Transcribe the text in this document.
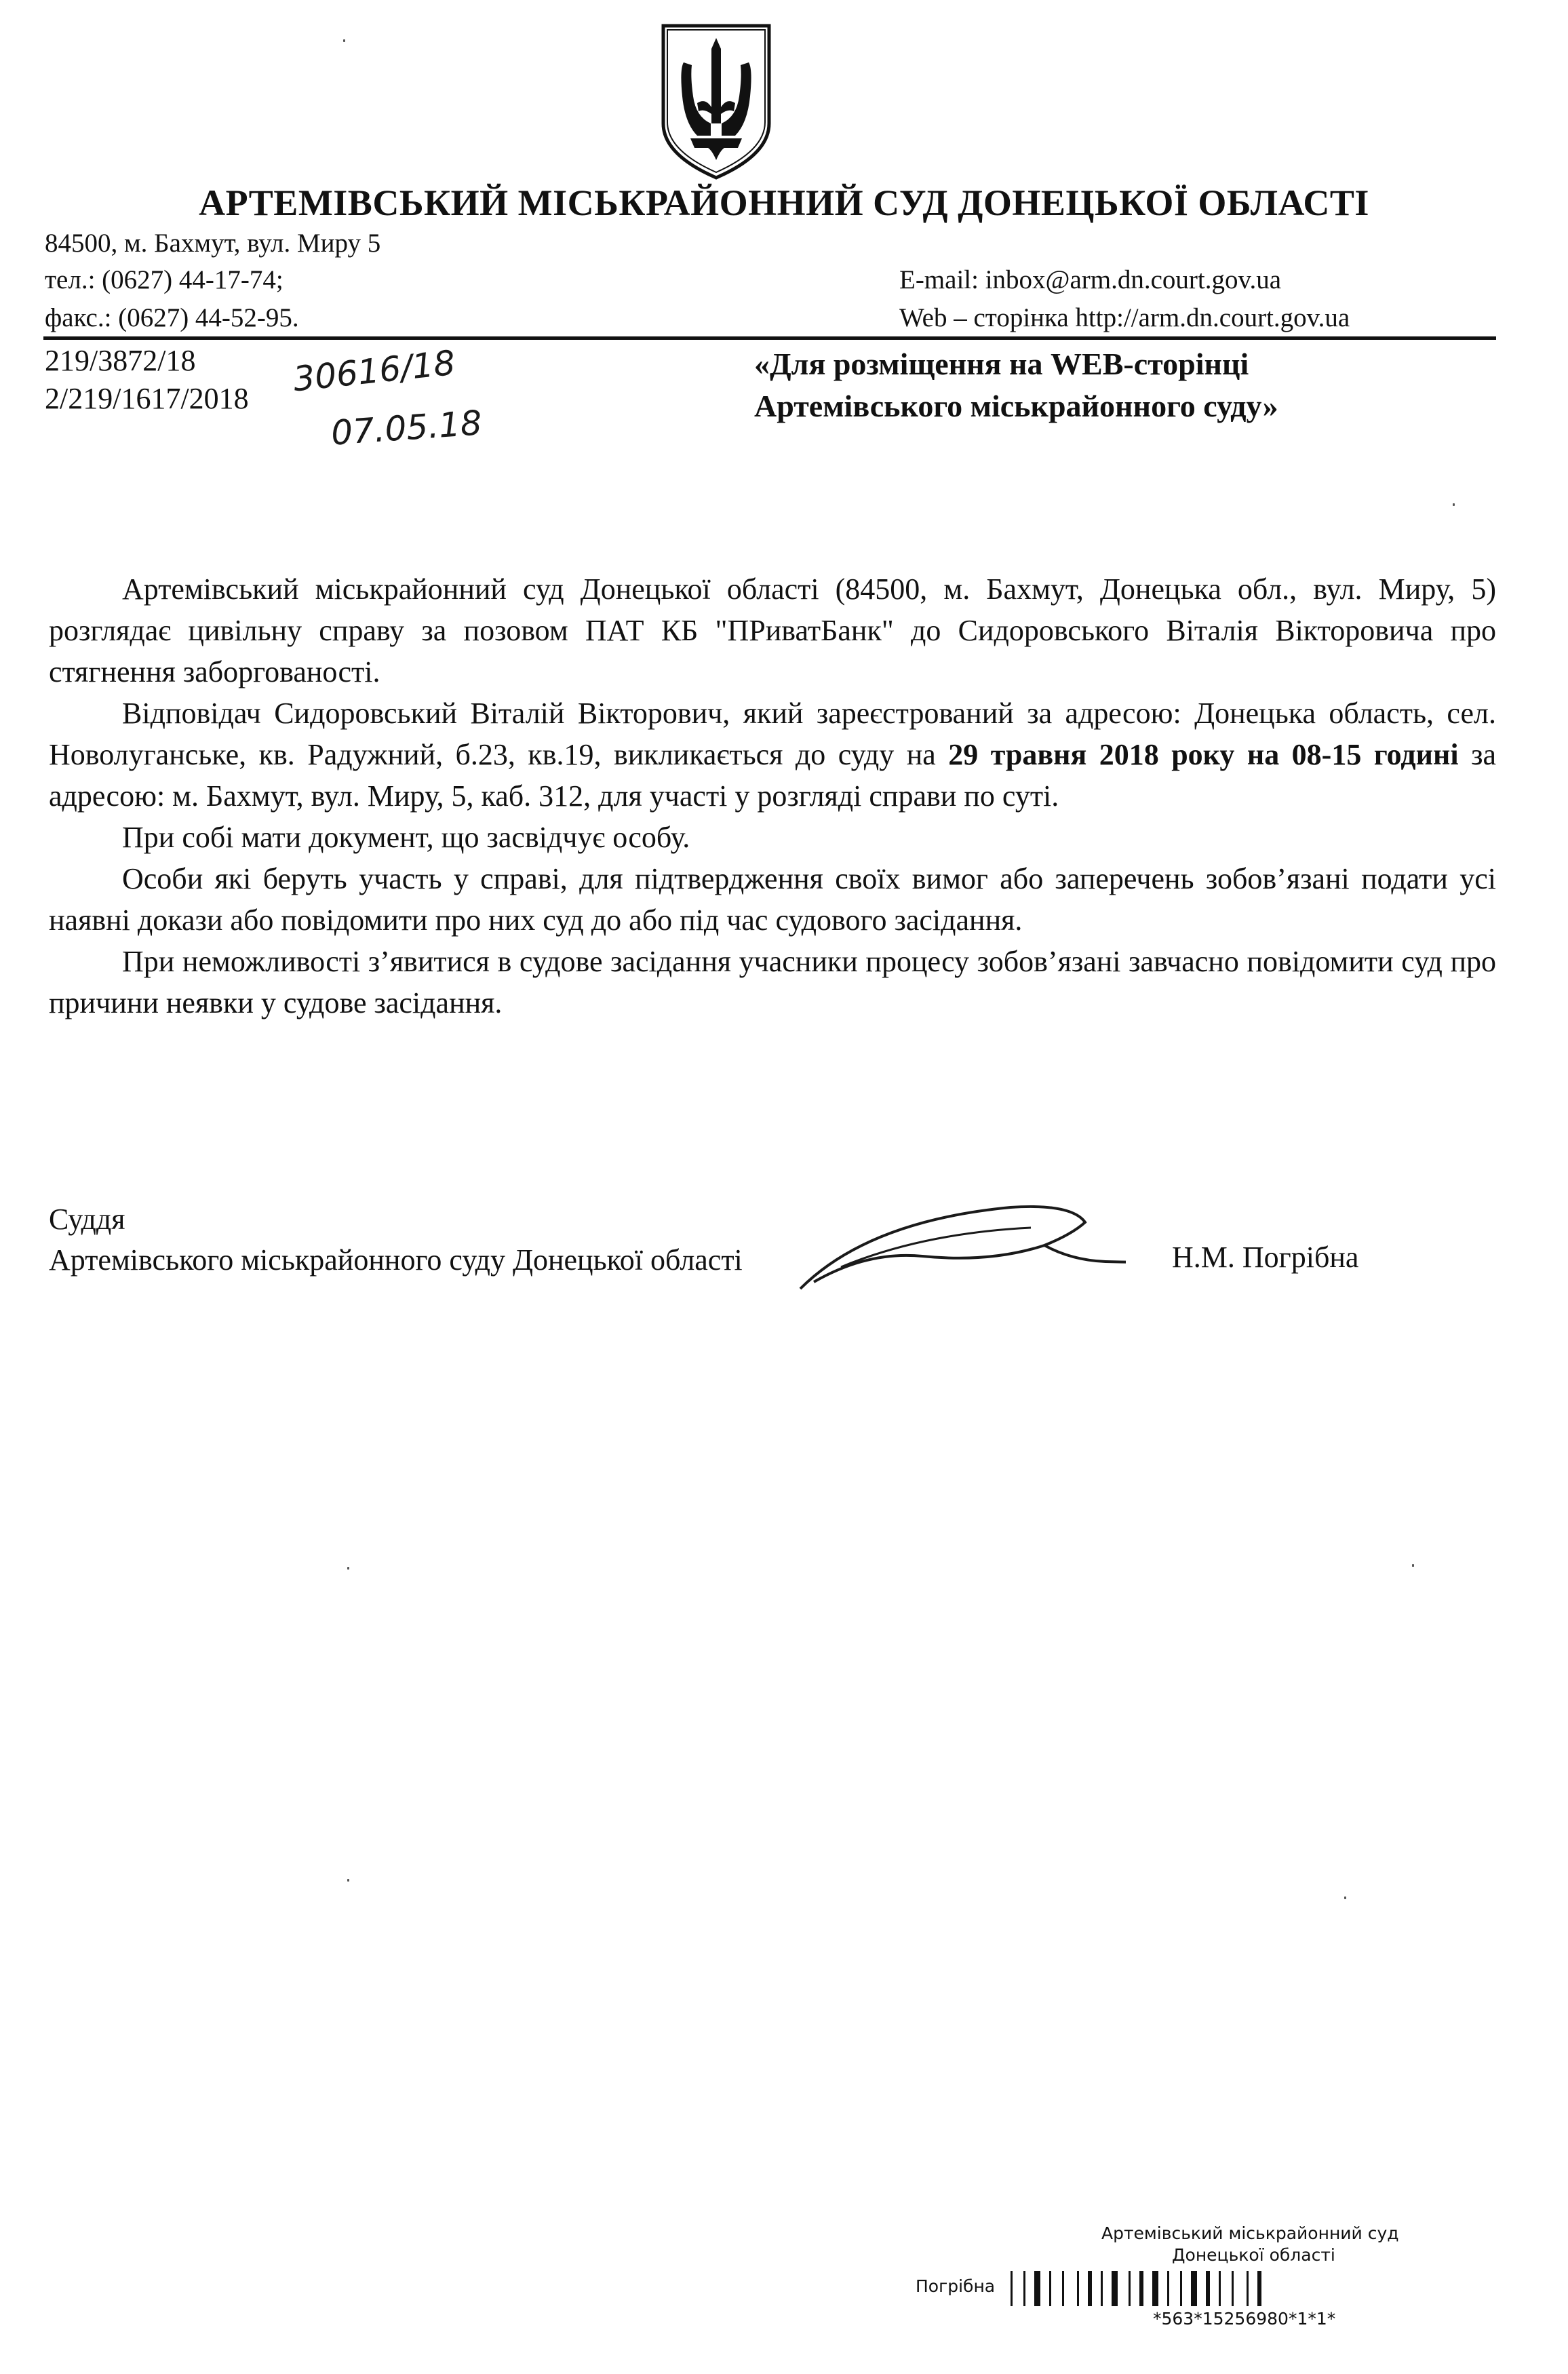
АРТЕМІВСЬКИЙ МІСЬКРАЙОННИЙ СУД ДОНЕЦЬКОЇ ОБЛАСТІ
84500, м. Бахмут, вул. Миру 5
тел.: (0627) 44-17-74;
факс.: (0627) 44-52-95.
E-mail: inbox@arm.dn.court.gov.ua
Web – сторінка http://arm.dn.court.gov.ua
219/3872/18
2/219/1617/2018 30616/18
07.05.18
«Для розміщення на WEB-сторінці
Артемівського міськрайонного суду»

Артемівський міськрайонний суд Донецької області (84500, м. Бахмут, Донецька обл., вул. Миру, 5) розглядає цивільну справу за позовом ПАТ КБ "ПРиватБанк" до Сидоровського Віталія Вікторовича про стягнення заборгованості.

Відповідач Сидоровський Віталій Вікторович, який зареєстрований за адресою: Донецька область, сел. Новолуганське, кв. Радужний, б.23, кв.19, викликається до суду на 29 травня 2018 року на 08-15 годині за адресою: м. Бахмут, вул. Миру, 5, каб. 312, для участі у розгляді справи по суті.

При собі мати документ, що засвідчує особу.

Особи які беруть участь у справі, для підтвердження своїх вимог або заперечень зобов’язані подати усі наявні докази або повідомити про них суд до або під час судового засідання.

При неможливості з’явитися в судове засідання учасники процесу зобов’язані завчасно повідомити суд про причини неявки у судове засідання.

Суддя
Артемівського міськрайонного суду Донецької області	Н.М. Погрібна
Артемівський міськрайонний суд
Донецької області
Погрібна
*563*15256980*1*1*
